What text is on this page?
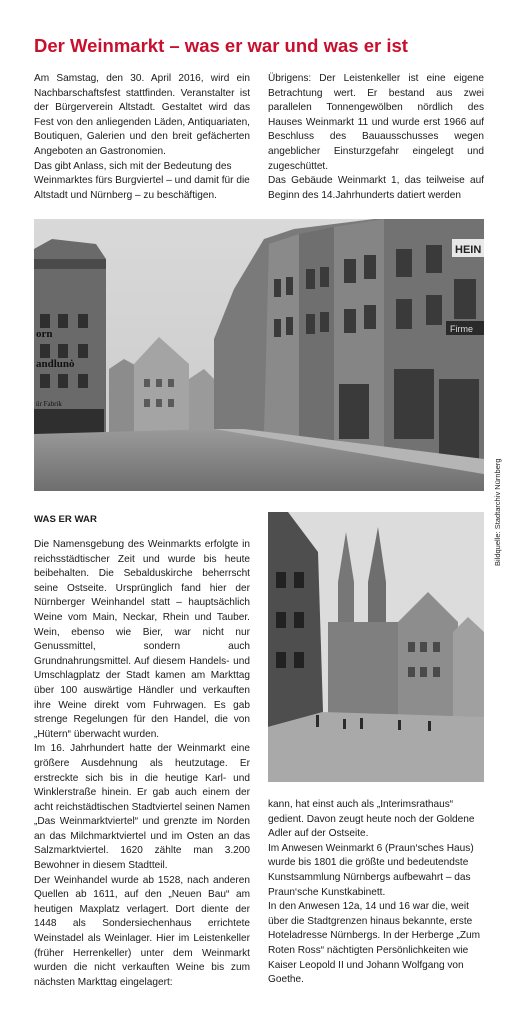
Der Weinmarkt – was er war und was er ist

Am Samstag, den 30. April 2016, wird ein Nachbarschaftsfest stattfinden. Veranstalter ist der Bürgerverein Altstadt. Gestaltet wird das Fest von den anliegenden Läden, Antiquariaten, Boutiquen, Galerien und den breit gefächerten Angeboten an Gastronomien.

Das gibt Anlass, sich mit der Bedeutung des Weinmarktes fürs Burgviertel – und damit für die Altstadt und Nürnberg – zu beschäftigen.

Übrigens: Der Leistenkeller ist eine eigene Betrachtung wert. Er bestand aus zwei parallelen Tonnengewölben nördlich des Hauses Weinmarkt 11 und wurde erst 1966 auf Beschluss des Bauausschusses wegen angeblicher Einsturzgefahr eingelegt und zugeschüttet.

Das Gebäude Weinmarkt 1, das teilweise auf Beginn des 14.Jahrhunderts datiert werden

orn
andlunȯ
ür Fabrik
HEIN
Firme
WAS ER WAR

Die Namensgebung des Weinmarkts erfolgte in reichsstädtischer Zeit und wurde bis heute beibehalten. Die Sebalduskirche beherrscht seine Ostseite. Ursprünglich fand hier der Nürnberger Weinhandel statt – hauptsächlich Weine vom Main, Neckar, Rhein und Tauber. Wein, ebenso wie Bier, war nicht nur Genussmittel, sondern auch Grundnahrungsmittel. Auf diesem Handels- und Umschlagplatz der Stadt kamen am Markttag über 100 auswärtige Händler und verkauften ihre Weine direkt vom Fuhrwagen. Es gab strenge Regelungen für den Handel, die von „Hütern“ überwacht wurden.

Im 16. Jahrhundert hatte der Weinmarkt eine größere Ausdehnung als heutzutage. Er erstreckte sich bis in die heutige Karl- und Winklerstraße hinein. Er gab auch einem der acht reichstädtischen Stadtviertel seinen Namen „Das Weinmarktviertel“ und grenzte im Norden an das Milchmarktviertel und im Osten an das Salzmarktviertel. 1620 zählte man 3.200 Bewohner in diesem Stadtteil.

Der Weinhandel wurde ab 1528, nach anderen Quellen ab 1611, auf den „Neuen Bau“ am heutigen Maxplatz verlagert. Dort diente der 1448 als Sondersiechenhaus errichtete Weinstadel als Weinlager. Hier im Leistenkeller (früher Herrenkeller) unter dem Weinmarkt wurden die nicht verkauften Weine bis zum nächsten Markttag eingelagert:

kann, hat einst auch als „Interimsrathaus“ gedient. Davon zeugt heute noch der Goldene Adler auf der Ostseite.

Im Anwesen Weinmarkt 6 (Praun‘sches Haus) wurde bis 1801 die größte und bedeutendste Kunstsammlung Nürnbergs aufbewahrt – das Praun‘sche Kunstkabinett.

In den Anwesen 12a, 14 und 16 war die, weit über die Stadtgrenzen hinaus bekannte, erste Hoteladresse Nürnbergs. In der Herberge „Zum Roten Ross“ nächtigten Persönlichkeiten wie Kaiser Leopold II und Johann Wolfgang von Goethe.

Bildquelle: Stadtarchiv Nürnberg
